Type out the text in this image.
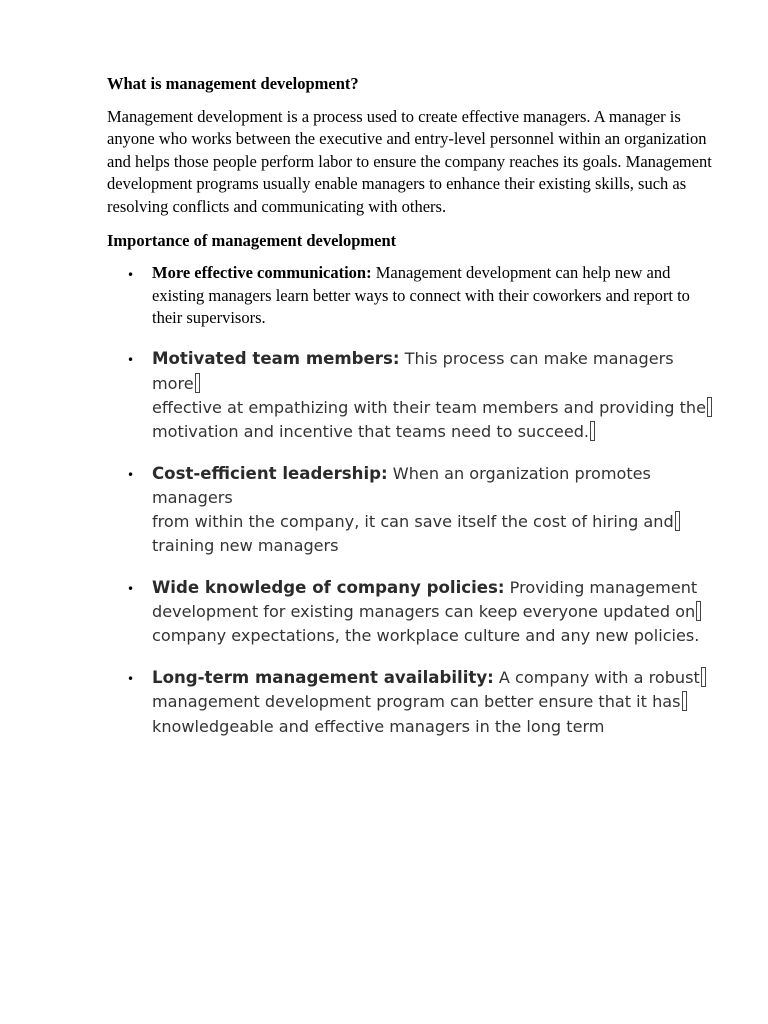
What is management development?

Management development is a process used to create effective managers. A manager is anyone who works between the executive and entry-level personnel within an organization and helps those people perform labor to ensure the company reaches its goals. Management development programs usually enable managers to enhance their existing skills, such as resolving conflicts and communicating with others.

Importance of management development

• More effective communication: Management development can help new and existing managers learn better ways to connect with their coworkers and report to their supervisors.
• Motivated team members: This process can make managers more
effective at empathizing with their team members and providing the
motivation and incentive that teams need to succeed.
• Cost-efficient leadership: When an organization promotes managers
from within the company, it can save itself the cost of hiring and
training new managers
• Wide knowledge of company policies: Providing management
development for existing managers can keep everyone updated on
company expectations, the workplace culture and any new policies.
• Long-term management availability: A company with a robust
management development program can better ensure that it has
knowledgeable and effective managers in the long term
